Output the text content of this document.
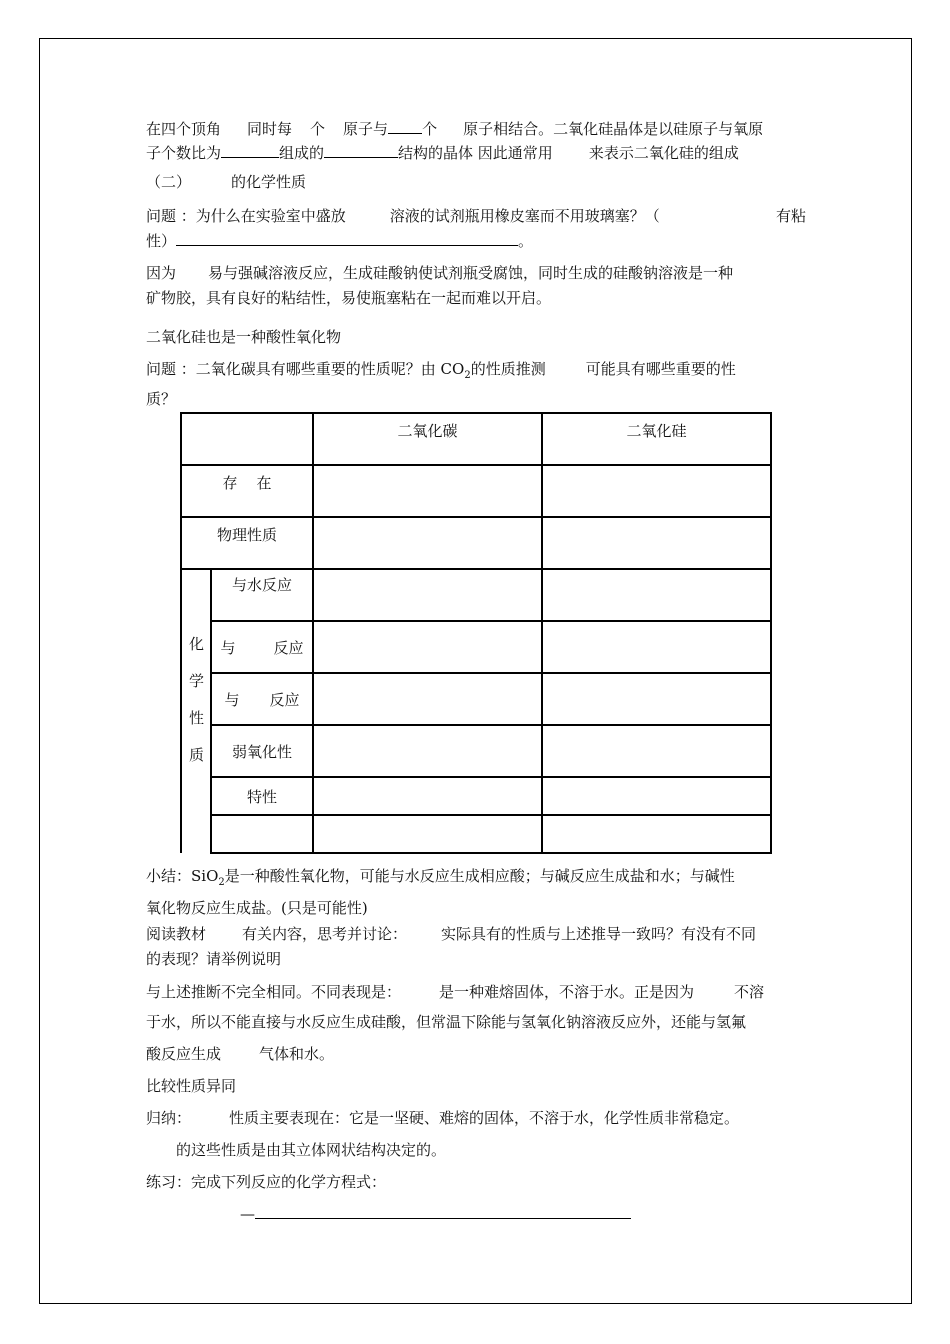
在四个顶角 同时每 个 原子与 个 原子相结合。二氧化硅晶体是以硅原子与氧原
子个数比为	组成的	结构的晶体 因此通常用 来表示二氧化硅的组成
（二）	的化学性质
问题 ：为什么在实验室中盛放	溶液的试剂瓶用橡皮塞而不用玻璃塞？（	有粘
性）	。
因为 易与强碱溶液反应，生成硅酸钠使试剂瓶受腐蚀，同时生成的硅酸钠溶液是一种
矿物胶，具有良好的粘结性，易使瓶塞粘在一起而难以开启。
二氧化硅也是一种酸性氧化物
问题 ：二氧化碳具有哪些重要的性质呢？由 $CO_2$的性质推测	可能具有哪些重要的性
质？
		二氧化碳	二氧化硅
存    在			
物理性质			
化学性质	与水反应		
	与 反应		
	与 反应		
	弱氧化性		
	特性		

小结：SiO$_2$是一种酸性氧化物，可能与水反应生成相应酸；与碱反应生成盐和水；与碱性
氧化物反应生成盐。(只是可能性)
阅读教材 有关内容，思考并讨论： 实际具有的性质与上述推导一致吗？有没有不同
的表现？请举例说明
与上述推断不完全相同。不同表现是：	是一种难熔固体，不溶于水。正是因为	不溶
于水，所以不能直接与水反应生成硅酸，但常温下除能与氢氧化钠溶液反应外，还能与氢氟
酸反应生成	气体和水。
比较性质异同
归纳：	性质主要表现在：它是一坚硬、难熔的固体，不溶于水，化学性质非常稳定。
的这些性质是由其立体网状结构决定的。
练习：完成下列反应的化学方程式：
—
